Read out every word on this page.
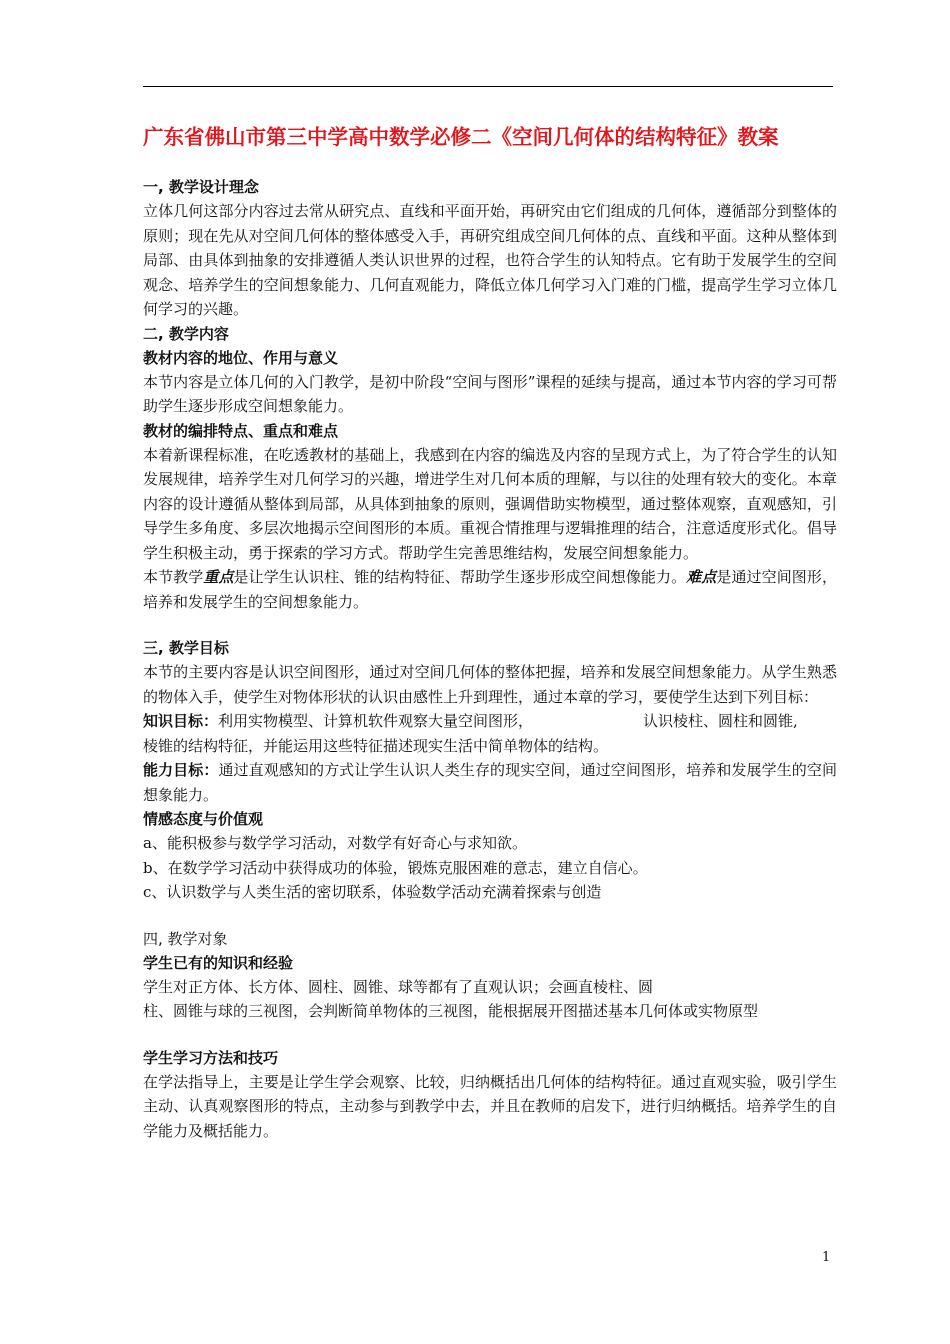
广东省佛山市第三中学高中数学必修二《空间几何体的结构特征》教案
一, 教学设计理念
立体几何这部分内容过去常从研究点、直线和平面开始，再研究由它们组成的几何体，遵循部分到整体的原则；现在先从对空间几何体的整体感受入手，再研究组成空间几何体的点、直线和平面。这种从整体到局部、由具体到抽象的安排遵循人类认识世界的过程，也符合学生的认知特点。它有助于发展学生的空间观念、培养学生的空间想象能力、几何直观能力，降低立体几何学习入门难的门槛，提高学生学习立体几何学习的兴趣。
二, 教学内容
教材内容的地位、作用与意义
本节内容是立体几何的入门教学，是初中阶段“空间与图形”课程的延续与提高，通过本节内容的学习可帮助学生逐步形成空间想象能力。
教材的编排特点、重点和难点
本着新课程标准，在吃透教材的基础上，我感到在内容的编选及内容的呈现方式上，为了符合学生的认知发展规律，培养学生对几何学习的兴趣，增进学生对几何本质的理解，与以往的处理有较大的变化。本章内容的设计遵循从整体到局部，从具体到抽象的原则，强调借助实物模型，通过整体观察，直观感知，引导学生多角度、多层次地揭示空间图形的本质。重视合情推理与逻辑推理的结合，注意适度形式化。倡导学生积极主动，勇于探索的学习方式。帮助学生完善思维结构，发展空间想象能力。
本节教学重点是让学生认识柱、锥的结构特征、帮助学生逐步形成空间想像能力。难点是通过空间图形，培养和发展学生的空间想象能力。
三, 教学目标
本节的主要内容是认识空间图形，通过对空间几何体的整体把握，培养和发展空间想象能力。从学生熟悉的物体入手，使学生对物体形状的认识由感性上升到理性，通过本章的学习，要使学生达到下列目标：
知识目标：利用实物模型、计算机软件观察大量空间图形，	认识棱柱、圆柱和圆锥,
棱锥的结构特征，并能运用这些特征描述现实生活中简单物体的结构。
能力目标：通过直观感知的方式让学生认识人类生存的现实空间，通过空间图形，培养和发展学生的空间想象能力。
情感态度与价值观
a、能积极参与数学学习活动，对数学有好奇心与求知欲。
b、在数学学习活动中获得成功的体验，锻炼克服困难的意志，建立自信心。
c、认识数学与人类生活的密切联系，体验数学活动充满着探索与创造
四, 教学对象
学生已有的知识和经验
学生对正方体、长方体、圆柱、圆锥、球等都有了直观认识；会画直棱柱、圆
柱、圆锥与球的三视图，会判断简单物体的三视图，能根据展开图描述基本几何体或实物原型
学生学习方法和技巧
在学法指导上，主要是让学生学会观察、比较，归纳概括出几何体的结构特征。通过直观实验，吸引学生主动、认真观察图形的特点，主动参与到教学中去，并且在教师的启发下，进行归纳概括。培养学生的自学能力及概括能力。
1
